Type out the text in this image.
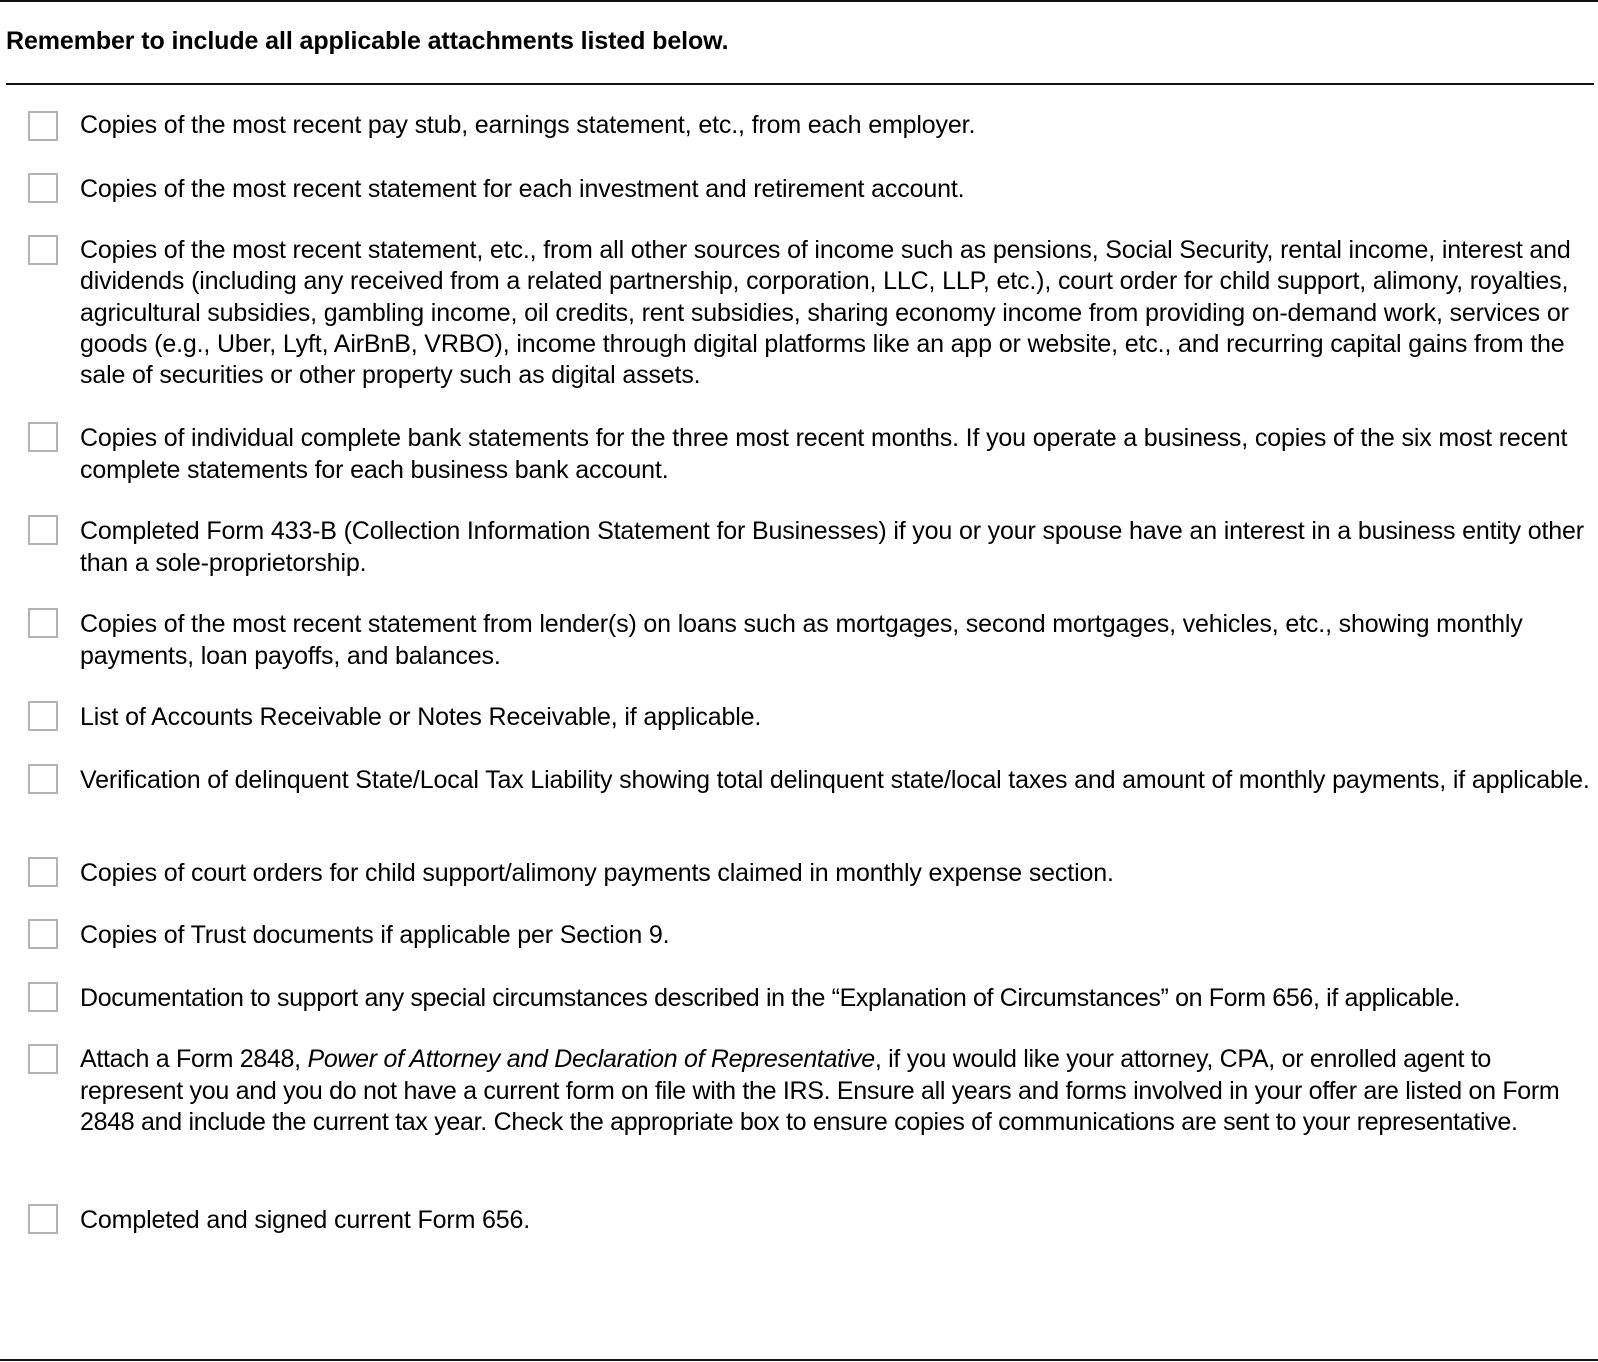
Remember to include all applicable attachments listed below.
Copies of the most recent pay stub, earnings statement, etc., from each employer.
Copies of the most recent statement for each investment and retirement account.
Copies of the most recent statement, etc., from all other sources of income such as pensions, Social Security, rental income, interest and dividends (including any received from a related partnership, corporation, LLC, LLP, etc.), court order for child support, alimony, royalties, agricultural subsidies, gambling income, oil credits, rent subsidies, sharing economy income from providing on-demand work, services or goods (e.g., Uber, Lyft, AirBnB, VRBO), income through digital platforms like an app or website, etc., and recurring capital gains from the sale of securities or other property such as digital assets.
Copies of individual complete bank statements for the three most recent months. If you operate a business, copies of the six most recent complete statements for each business bank account.
Completed Form 433-B (Collection Information Statement for Businesses) if you or your spouse have an interest in a business entity other than a sole-proprietorship.
Copies of the most recent statement from lender(s) on loans such as mortgages, second mortgages, vehicles, etc., showing monthly payments, loan payoffs, and balances.
List of Accounts Receivable or Notes Receivable, if applicable.
Verification of delinquent State/Local Tax Liability showing total delinquent state/local taxes and amount of monthly payments, if applicable.
Copies of court orders for child support/alimony payments claimed in monthly expense section.
Copies of Trust documents if applicable per Section 9.
Documentation to support any special circumstances described in the “Explanation of Circumstances” on Form 656, if applicable.
Attach a Form 2848, Power of Attorney and Declaration of Representative, if you would like your attorney, CPA, or enrolled agent to represent you and you do not have a current form on file with the IRS. Ensure all years and forms involved in your offer are listed on Form 2848 and include the current tax year. Check the appropriate box to ensure copies of communications are sent to your representative.
Completed and signed current Form 656.
